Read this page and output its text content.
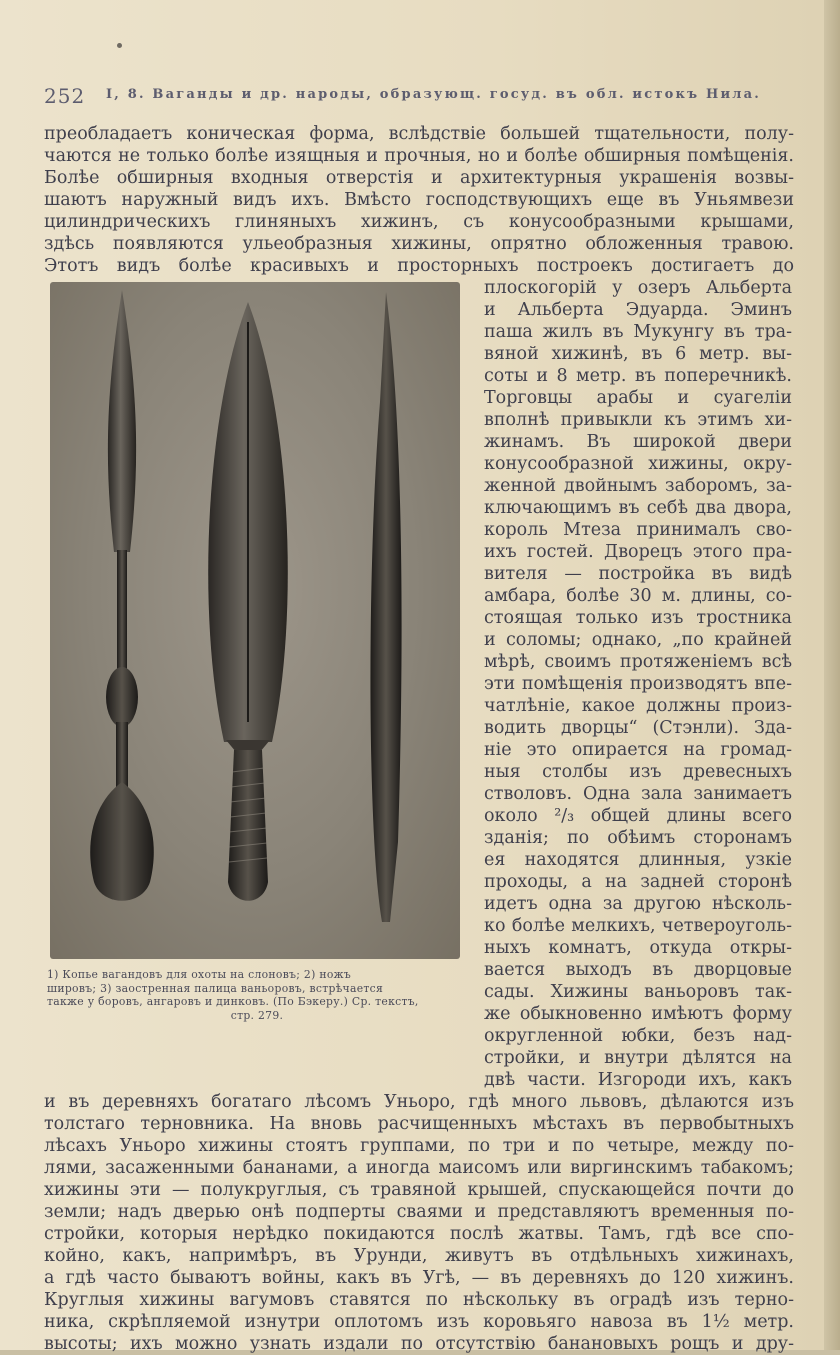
252 I, 8. Ваганды и др. народы, образующ. госуд. въ обл. истокъ Нила.
преобладаетъ коническая форма, вслѣдствіе большей тщательности, полу-
чаются не только болѣе изящныя и прочныя, но и болѣе обширныя помѣщенія.
Болѣе обширныя входныя отверстія и архитектурныя украшенія возвы-
шаютъ наружный видъ ихъ. Вмѣсто господствующихъ еще въ Уньямвези
цилиндрическихъ глиняныхъ хижинъ, съ конусообразными крышами,
здѣсь появляются ульеобразныя хижины, опрятно обложенныя травою.
Этотъ видъ болѣе красивыхъ и просторныхъ построекъ достигаетъ до
1) Копье вагандовъ для охоты на слоновъ; 2) ножъ
шировъ; 3) заостренная палица ваньоровъ, встрѣчается
также у боровъ, ангаровъ и динковъ. (По Бэкеру.) Ср. текстъ,
стр. 279.
плоскогорій у озеръ Альберта
и Альберта Эдуарда. Эминъ
паша жилъ въ Мукунгу въ тра-
вяной хижинѣ, въ 6 метр. вы-
соты и 8 метр. въ поперечникѣ.
Торговцы арабы и суагеліи
вполнѣ привыкли къ этимъ хи-
жинамъ. Въ широкой двери
конусообразной хижины, окру-
женной двойнымъ заборомъ, за-
ключающимъ въ себѣ два двора,
король Мтеза принималъ сво-
ихъ гостей. Дворецъ этого пра-
вителя — постройка въ видѣ
амбара, болѣе 30 м. длины, со-
стоящая только изъ тростника
и соломы; однако, „по крайней
мѣрѣ, своимъ протяженіемъ всѣ
эти помѣщенія производятъ впе-
чатлѣніе, какое должны произ-
водить дворцы“ (Стэнли). Зда-
ніе это опирается на громад-
ныя столбы изъ древесныхъ
стволовъ. Одна зала занимаетъ
около ²/₃ общей длины всего
зданія; по обѣимъ сторонамъ
ея находятся длинныя, узкіе
проходы, а на задней сторонѣ
идетъ одна за другою нѣсколь-
ко болѣе мелкихъ, четвероуголь-
ныхъ комнатъ, откуда откры-
вается выходъ въ дворцовые
сады. Хижины ваньоровъ так-
же обыкновенно имѣютъ форму
округленной юбки, безъ над-
стройки, и внутри дѣлятся на
двѣ части. Изгороди ихъ, какъ
и въ деревняхъ богатаго лѣсомъ Уньоро, гдѣ много львовъ, дѣлаются изъ
толстаго терновника. На вновь расчищенныхъ мѣстахъ въ первобытныхъ
лѣсахъ Уньоро хижины стоятъ группами, по три и по четыре, между по-
лями, засаженными бананами, а иногда маисомъ или виргинскимъ табакомъ;
хижины эти — полукруглыя, съ травяной крышей, спускающейся почти до
земли; надъ дверью онѣ подперты сваями и представляютъ временныя по-
стройки, которыя нерѣдко покидаются послѣ жатвы. Тамъ, гдѣ все спо-
койно, какъ, напримѣръ, въ Урунди, живутъ въ отдѣльныхъ хижинахъ,
а гдѣ часто бываютъ войны, какъ въ Угѣ, — въ деревняхъ до 120 хижинъ.
Круглыя хижины вагумовъ ставятся по нѣскольку въ оградѣ изъ терно-
ника, скрѣпляемой изнутри оплотомъ изъ коровьяго навоза въ 1½ метр.
высоты; ихъ можно узнать издали по отсутствію банановыхъ рощъ и дру-
